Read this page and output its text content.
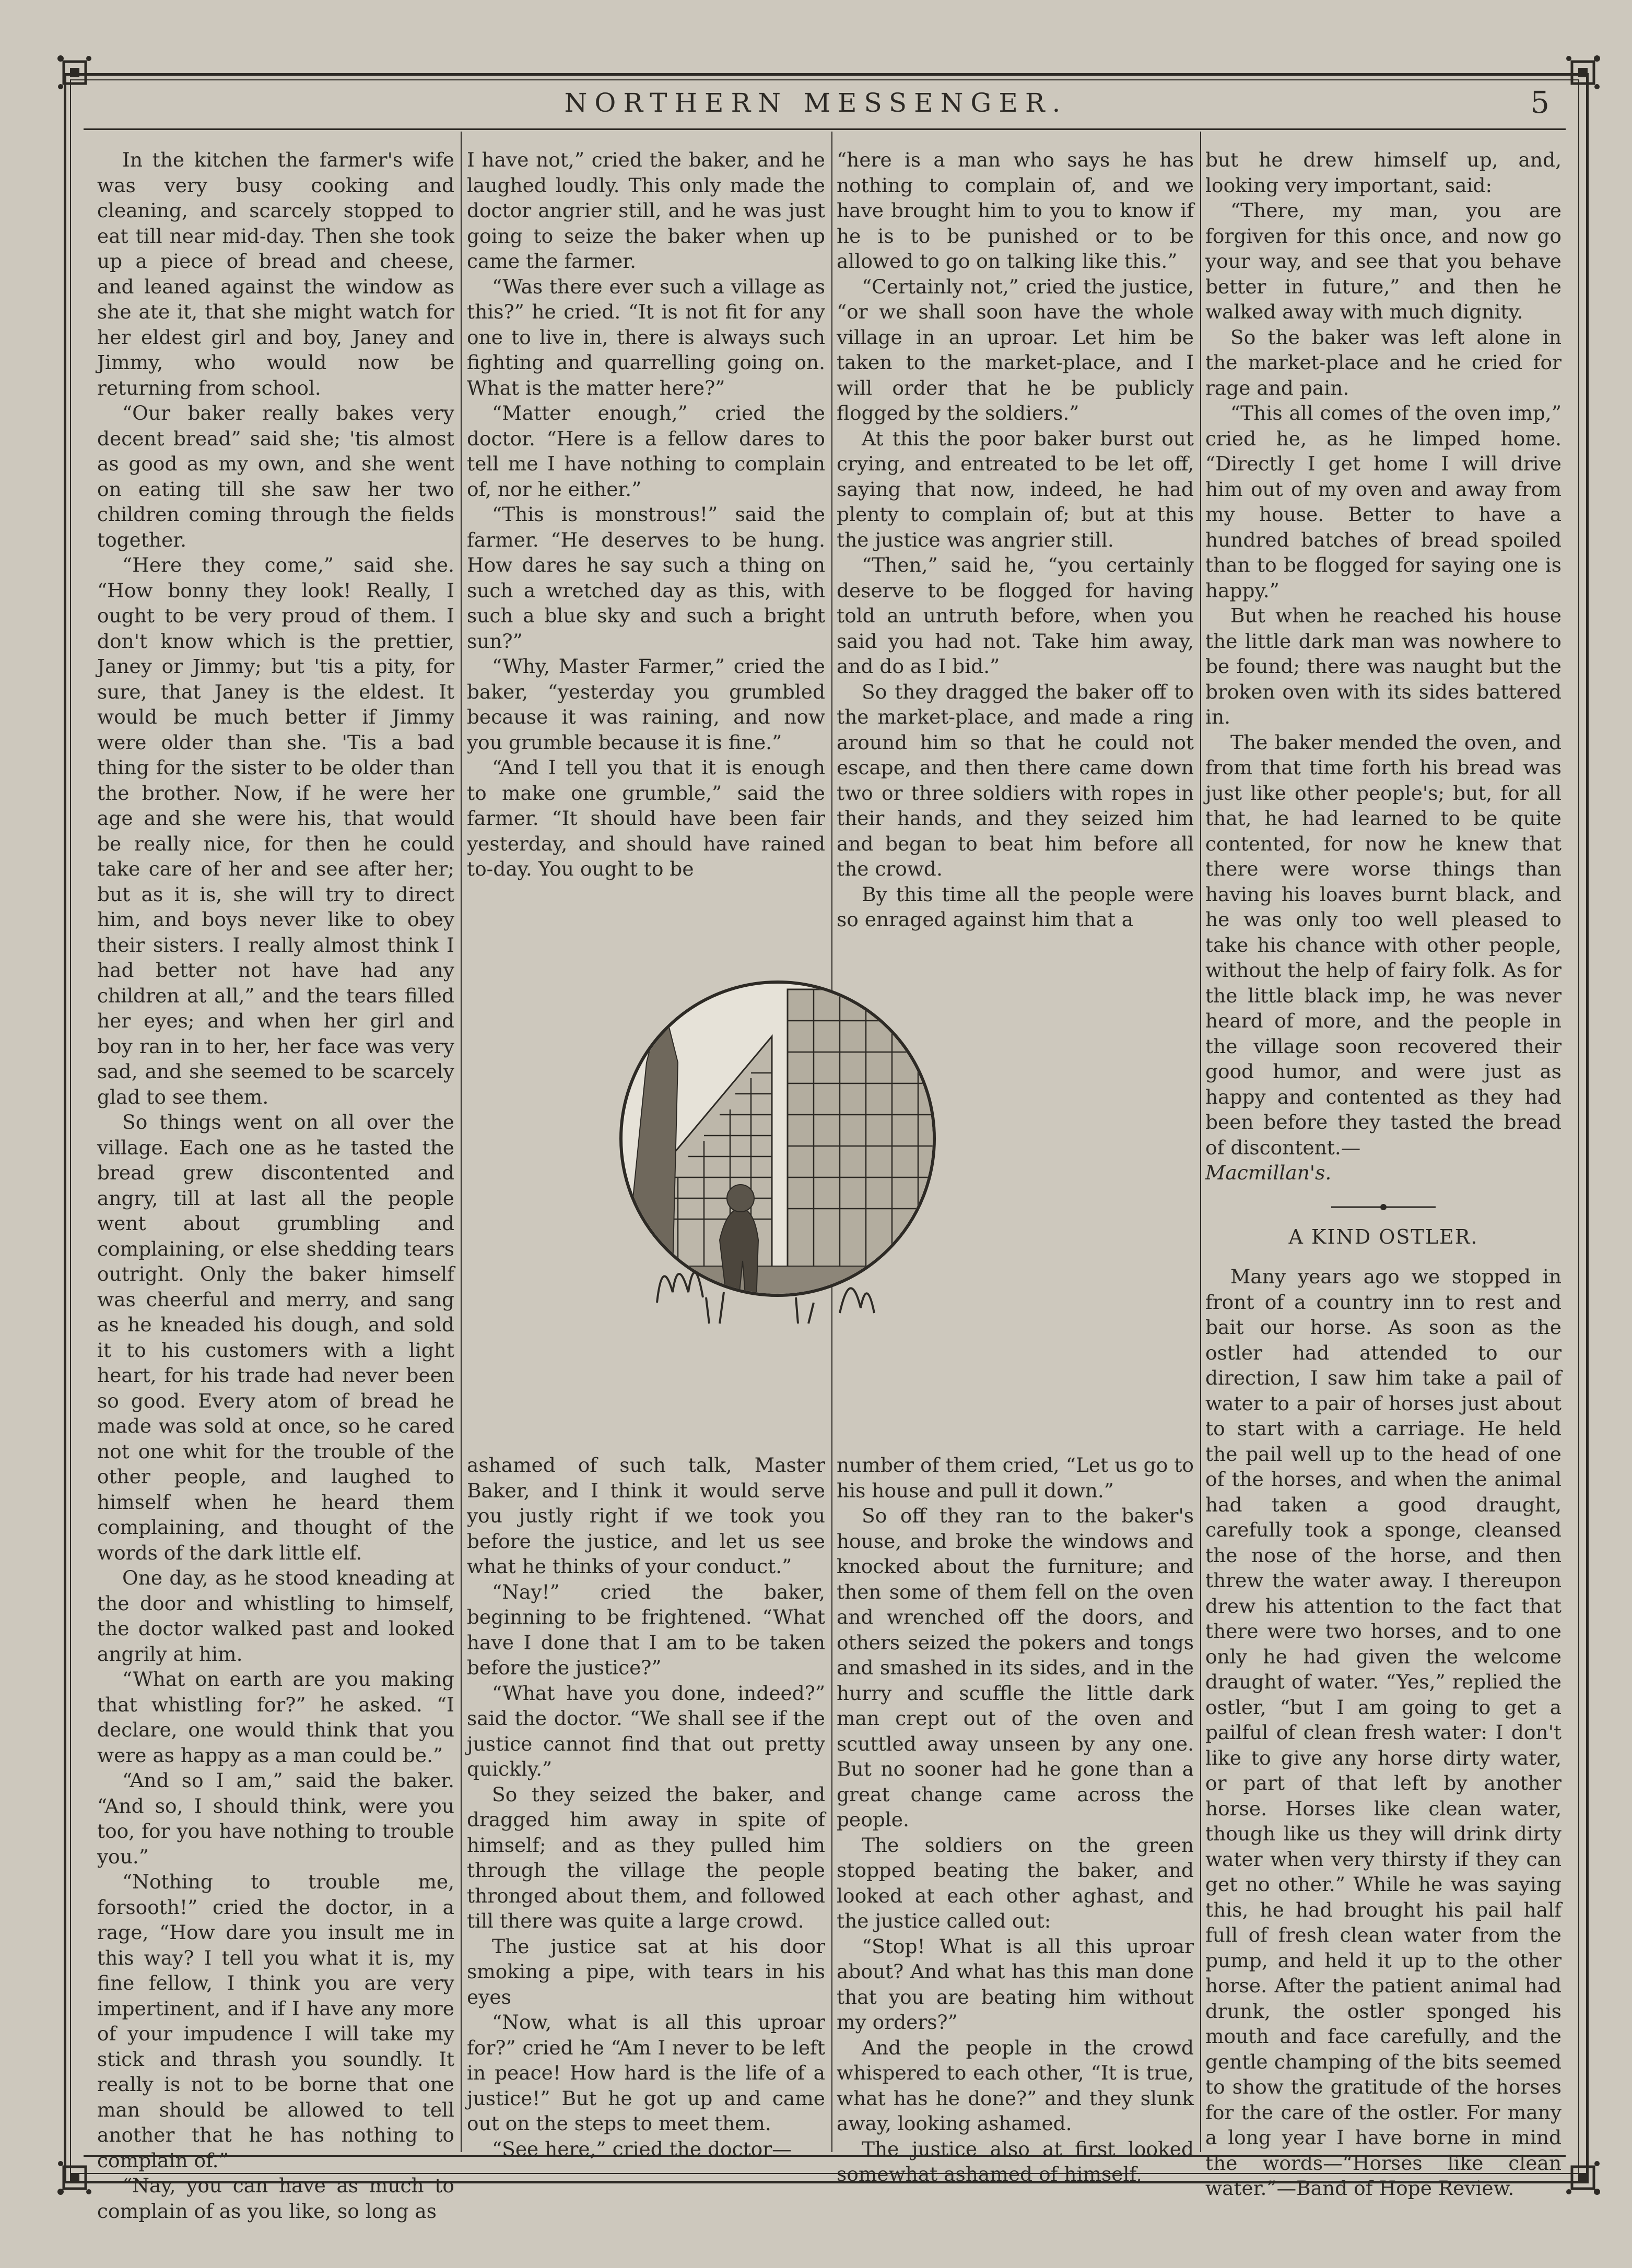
NORTHERN MESSENGER.	5

In the kitchen the farmer's wife was very busy cooking and cleaning, and scarcely stopped to eat till near mid-day. Then she took up a piece of bread and cheese, and leaned against the window as she ate it, that she might watch for her eldest girl and boy, Janey and Jimmy, who would now be returning from school.

“Our baker really bakes very decent bread” said she; 'tis almost as good as my own, and she went on eating till she saw her two children coming through the fields together.

“Here they come,” said she. “How bonny they look! Really, I ought to be very proud of them. I don't know which is the prettier, Janey or Jimmy; but 'tis a pity, for sure, that Janey is the eldest. It would be much better if Jimmy were older than she. 'Tis a bad thing for the sister to be older than the brother. Now, if he were her age and she were his, that would be really nice, for then he could take care of her and see after her; but as it is, she will try to direct him, and boys never like to obey their sisters. I really almost think I had better not have had any children at all,” and the tears filled her eyes; and when her girl and boy ran in to her, her face was very sad, and she seemed to be scarcely glad to see them.

So things went on all over the village. Each one as he tasted the bread grew discontented and angry, till at last all the people went about grumbling and complaining, or else shedding tears outright. Only the baker himself was cheerful and merry, and sang as he kneaded his dough, and sold it to his customers with a light heart, for his trade had never been so good. Every atom of bread he made was sold at once, so he cared not one whit for the trouble of the other people, and laughed to himself when he heard them complaining, and thought of the words of the dark little elf.

One day, as he stood kneading at the door and whistling to himself, the doctor walked past and looked angrily at him.

“What on earth are you making that whistling for?” he asked. “I declare, one would think that you were as happy as a man could be.”

“And so I am,” said the baker. “And so, I should think, were you too, for you have nothing to trouble you.”

“Nothing to trouble me, forsooth!” cried the doctor, in a rage, “How dare you insult me in this way? I tell you what it is, my fine fellow, I think you are very impertinent, and if I have any more of your impudence I will take my stick and thrash you soundly. It really is not to be borne that one man should be allowed to tell another that he has nothing to complain of.”

“Nay, you can have as much to complain of as you like, so long as

I have not,” cried the baker, and he laughed loudly. This only made the doctor angrier still, and he was just going to seize the baker when up came the farmer.

“Was there ever such a village as this?” he cried. “It is not fit for any one to live in, there is always such fighting and quarrelling going on. What is the matter here?”

“Matter enough,” cried the doctor. “Here is a fellow dares to tell me I have nothing to complain of, nor he either.”

“This is monstrous!” said the farmer. “He deserves to be hung. How dares he say such a thing on such a wretched day as this, with such a blue sky and such a bright sun?”

“Why, Master Farmer,” cried the baker, “yesterday you grumbled because it was raining, and now you grumble because it is fine.”

“And I tell you that it is enough to make one grumble,” said the farmer. “It should have been fair yesterday, and should have rained to-day. You ought to be

“here is a man who says he has nothing to complain of, and we have brought him to you to know if he is to be punished or to be allowed to go on talking like this.”

“Certainly not,” cried the justice, “or we shall soon have the whole village in an uproar. Let him be taken to the market-place, and I will order that he be publicly flogged by the soldiers.”

At this the poor baker burst out crying, and entreated to be let off, saying that now, indeed, he had plenty to complain of; but at this the justice was angrier still.

“Then,” said he, “you certainly deserve to be flogged for having told an untruth before, when you said you had not. Take him away, and do as I bid.”

So they dragged the baker off to the market-place, and made a ring around him so that he could not escape, and then there came down two or three soldiers with ropes in their hands, and they seized him and began to beat him before all the crowd.

By this time all the people were so enraged against him that a

ashamed of such talk, Master Baker, and I think it would serve you justly right if we took you before the justice, and let us see what he thinks of your conduct.”

“Nay!” cried the baker, beginning to be frightened. “What have I done that I am to be taken before the justice?”

“What have you done, indeed?” said the doctor. “We shall see if the justice cannot find that out pretty quickly.”

So they seized the baker, and dragged him away in spite of himself; and as they pulled him through the village the people thronged about them, and followed till there was quite a large crowd.

The justice sat at his door smoking a pipe, with tears in his eyes

“Now, what is all this uproar for?” cried he “Am I never to be left in peace! How hard is the life of a justice!” But he got up and came out on the steps to meet them.

“See here,” cried the doctor—

number of them cried, “Let us go to his house and pull it down.”

So off they ran to the baker's house, and broke the windows and knocked about the furniture; and then some of them fell on the oven and wrenched off the doors, and others seized the pokers and tongs and smashed in its sides, and in the hurry and scuffle the little dark man crept out of the oven and scuttled away unseen by any one. But no sooner had he gone than a great change came across the people.

The soldiers on the green stopped beating the baker, and looked at each other aghast, and the justice called out:

“Stop! What is all this uproar about? And what has this man done that you are beating him without my orders?”

And the people in the crowd whispered to each other, “It is true, what has he done?” and they slunk away, looking ashamed.

The justice also at first looked somewhat ashamed of himself,

but he drew himself up, and, looking very important, said:

“There, my man, you are forgiven for this once, and now go your way, and see that you behave better in future,” and then he walked away with much dignity.

So the baker was left alone in the market-place and he cried for rage and pain.

“This all comes of the oven imp,” cried he, as he limped home. “Directly I get home I will drive him out of my oven and away from my house. Better to have a hundred batches of bread spoiled than to be flogged for saying one is happy.”

But when he reached his house the little dark man was nowhere to be found; there was naught but the broken oven with its sides battered in.

The baker mended the oven, and from that time forth his bread was just like other people's; but, for all that, he had learned to be quite contented, for now he knew that there were worse things than having his loaves burnt black, and he was only too well pleased to take his chance with other people, without the help of fairy folk. As for the little black imp, he was never heard of more, and the people in the village soon recovered their good humor, and were just as happy and contented as they had been before they tasted the bread of discontent.—

Macmillan's.

A KIND OSTLER.

Many years ago we stopped in front of a country inn to rest and bait our horse. As soon as the ostler had attended to our direction, I saw him take a pail of water to a pair of horses just about to start with a carriage. He held the pail well up to the head of one of the horses, and when the animal had taken a good draught, carefully took a sponge, cleansed the nose of the horse, and then threw the water away. I thereupon drew his attention to the fact that there were two horses, and to one only he had given the welcome draught of water. “Yes,” replied the ostler, “but I am going to get a pailful of clean fresh water: I don't like to give any horse dirty water, or part of that left by another horse. Horses like clean water, though like us they will drink dirty water when very thirsty if they can get no other.” While he was saying this, he had brought his pail half full of fresh clean water from the pump, and held it up to the other horse. After the patient animal had drunk, the ostler sponged his mouth and face carefully, and the gentle champing of the bits seemed to show the gratitude of the horses for the care of the ostler. For many a long year I have borne in mind the words—“Horses like clean water.”—Band of Hope Review.
